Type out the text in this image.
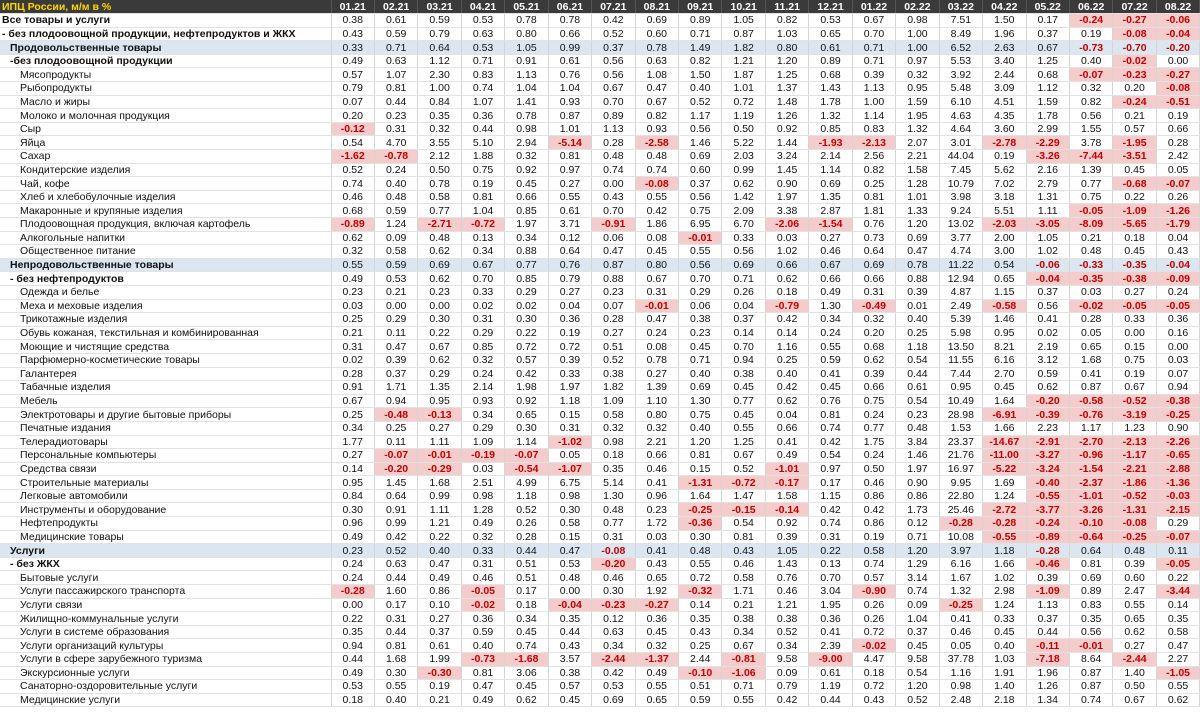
ИПЦ России, м/м в %	01.21	02.21	03.21	04.21	05.21	06.21	07.21	08.21	09.21	10.21	11.21	12.21	01.22	02.22	03.22	04.22	05.22	06.22	07.22	08.22
Все товары и услуги	0.38	0.61	0.59	0.53	0.78	0.78	0.42	0.69	0.89	1.05	0.82	0.53	0.67	0.98	7.51	1.50	0.17	-0.24	-0.27	-0.06
- без плодоовощной продукции, нефтепродуктов и ЖКХ	0.43	0.59	0.79	0.63	0.80	0.66	0.52	0.60	0.71	0.87	1.03	0.65	0.70	1.00	8.49	1.96	0.37	0.19	-0.08	-0.04
Продовольственные товары	0.33	0.71	0.64	0.53	1.05	0.99	0.37	0.78	1.49	1.82	0.80	0.61	0.71	1.00	6.52	2.63	0.67	-0.73	-0.70	-0.20
-без плодоовощной продукции	0.49	0.63	1.12	0.71	0.91	0.61	0.56	0.63	0.82	1.21	1.20	0.89	0.71	0.97	5.53	3.40	1.25	0.40	-0.02	0.00
Мясопродукты	0.57	1.07	2.30	0.83	1.13	0.76	0.56	1.08	1.50	1.87	1.25	0.68	0.39	0.32	3.92	2.44	0.68	-0.07	-0.23	-0.27
Рыбопродукты	0.79	0.81	1.00	0.74	1.04	1.04	0.67	0.47	0.40	1.01	1.37	1.43	1.13	0.95	5.48	3.09	1.12	0.32	0.20	-0.08
Масло и жиры	0.07	0.44	0.84	1.07	1.41	0.93	0.70	0.67	0.52	0.72	1.48	1.78	1.00	1.59	6.10	4.51	1.59	0.82	-0.24	-0.51
Молоко и молочная продукция	0.20	0.23	0.35	0.36	0.78	0.87	0.89	0.82	1.17	1.19	1.26	1.32	1.14	1.95	4.63	4.35	1.78	0.56	0.21	0.19
Сыр	-0.12	0.31	0.32	0.44	0.98	1.01	1.13	0.93	0.56	0.50	0.92	0.85	0.83	1.32	4.64	3.60	2.99	1.55	0.57	0.66
Яйца	0.54	4.70	3.55	5.10	2.94	-5.14	0.28	-2.58	1.46	5.22	1.44	-1.93	-2.13	2.07	3.01	-2.78	-2.29	3.78	-1.95	0.28
Сахар	-1.62	-0.78	2.12	1.88	0.32	0.81	0.48	0.48	0.69	2.03	3.24	2.14	2.56	2.21	44.04	0.19	-3.26	-7.44	-3.51	2.42
Кондитерские изделия	0.52	0.24	0.50	0.75	0.92	0.97	0.74	0.74	0.60	0.99	1.45	1.14	0.82	1.58	7.45	5.62	2.16	1.39	0.45	0.05
Чай, кофе	0.74	0.40	0.78	0.19	0.45	0.27	0.00	-0.08	0.37	0.62	0.90	0.69	0.25	1.28	10.79	7.02	2.79	0.77	-0.68	-0.07
Хлеб и хлебобулочные изделия	0.46	0.48	0.58	0.81	0.66	0.55	0.43	0.55	0.56	1.42	1.97	1.35	0.81	1.01	3.98	3.18	1.31	0.75	0.22	0.26
Макаронные и крупяные изделия	0.68	0.59	0.77	1.04	0.85	0.61	0.70	0.42	0.75	2.09	3.38	2.87	1.81	1.33	9.24	5.51	1.11	-0.05	-1.09	-1.26
Плодоовощная продукция, включая картофель	-0.89	1.24	-2.71	-0.72	1.97	3.71	-0.91	1.86	6.95	6.70	-2.06	-1.54	0.76	1.20	13.02	-2.03	-3.05	-8.09	-5.65	-1.79
Алкогольные напитки	0.62	0.09	0.48	0.13	0.34	0.12	0.06	0.08	-0.01	0.33	0.03	0.27	0.73	0.69	3.77	2.00	1.05	0.21	0.18	0.04
Общественное питание	0.32	0.58	0.62	0.34	0.88	0.64	0.47	0.45	0.55	0.56	1.02	0.46	0.64	0.47	4.74	3.00	1.02	0.48	0.45	0.43
Непродовольственные товары	0.55	0.59	0.69	0.67	0.77	0.76	0.87	0.80	0.56	0.69	0.66	0.67	0.69	0.78	11.22	0.54	-0.06	-0.33	-0.35	-0.04
- без нефтепродуктов	0.49	0.53	0.62	0.70	0.85	0.79	0.88	0.67	0.70	0.71	0.62	0.66	0.66	0.88	12.94	0.65	-0.04	-0.35	-0.38	-0.09
Одежда и белье	0.23	0.21	0.23	0.33	0.29	0.27	0.23	0.31	0.29	0.26	0.18	0.49	0.31	0.39	4.87	1.15	0.37	0.03	0.27	0.24
Меха и меховые изделия	0.03	0.00	0.00	0.02	0.02	0.04	0.07	-0.01	0.06	0.04	-0.79	1.30	-0.49	0.01	2.49	-0.58	0.56	-0.02	-0.05	-0.05
Трикотажные изделия	0.25	0.29	0.30	0.31	0.30	0.36	0.28	0.47	0.38	0.37	0.42	0.34	0.32	0.40	5.39	1.46	0.41	0.28	0.33	0.36
Обувь кожаная, текстильная и комбинированная	0.21	0.11	0.22	0.29	0.22	0.19	0.27	0.24	0.23	0.14	0.14	0.24	0.20	0.25	5.98	0.95	0.02	0.05	0.00	0.16
Моющие и чистящие средства	0.31	0.47	0.67	0.85	0.72	0.72	0.51	0.08	0.45	0.70	1.16	0.55	0.68	1.18	13.50	8.21	2.19	0.65	0.15	0.00
Парфюмерно-косметические товары	0.02	0.39	0.62	0.32	0.57	0.39	0.52	0.78	0.71	0.94	0.25	0.59	0.62	0.54	11.55	6.16	3.12	1.68	0.75	0.03
Галантерея	0.28	0.37	0.29	0.24	0.42	0.33	0.38	0.27	0.40	0.38	0.40	0.41	0.39	0.44	7.44	2.70	0.59	0.41	0.19	0.07
Табачные изделия	0.91	1.71	1.35	2.14	1.98	1.97	1.82	1.39	0.69	0.45	0.42	0.45	0.66	0.61	0.95	0.45	0.62	0.87	0.67	0.94
Мебель	0.67	0.94	0.95	0.93	0.92	1.18	1.09	1.10	1.30	0.77	0.62	0.76	0.75	0.54	10.49	1.64	-0.20	-0.58	-0.52	-0.38
Электротовары и другие бытовые приборы	0.25	-0.48	-0.13	0.34	0.65	0.15	0.58	0.80	0.75	0.45	0.04	0.81	0.24	0.23	28.98	-6.91	-0.39	-0.76	-3.19	-0.25
Печатные издания	0.34	0.25	0.27	0.29	0.30	0.31	0.32	0.32	0.40	0.55	0.66	0.74	0.77	0.48	1.53	1.66	2.23	1.17	1.23	0.90
Телерадиотовары	1.77	0.11	1.11	1.09	1.14	-1.02	0.98	2.21	1.20	1.25	0.41	0.42	1.75	3.84	23.37	-14.67	-2.91	-2.70	-2.13	-2.26
Персональные компьютеры	0.27	-0.07	-0.01	-0.19	-0.07	0.05	0.18	0.66	0.81	0.67	0.49	0.54	0.24	1.46	21.76	-11.00	-3.27	-0.96	-1.17	-0.65
Средства связи	0.14	-0.20	-0.29	0.03	-0.54	-1.07	0.35	0.46	0.15	0.52	-1.01	0.97	0.50	1.97	16.97	-5.22	-3.24	-1.54	-2.21	-2.88
Строительные материалы	0.95	1.45	1.68	2.51	4.99	6.75	5.14	0.41	-1.31	-0.72	-0.17	0.17	0.46	0.90	9.95	1.69	-0.40	-2.37	-1.86	-1.36
Легковые автомобили	0.84	0.64	0.99	0.98	1.18	0.98	1.30	0.96	1.64	1.47	1.58	1.15	0.86	0.86	22.80	1.24	-0.55	-1.01	-0.52	-0.03
Инструменты и оборудование	0.30	0.91	1.11	1.28	0.52	0.30	0.48	0.23	-0.25	-0.15	-0.14	0.42	0.42	1.73	25.46	-2.72	-3.77	-3.26	-1.31	-2.15
Нефтепродукты	0.96	0.99	1.21	0.49	0.26	0.58	0.77	1.72	-0.36	0.54	0.92	0.74	0.86	0.12	-0.28	-0.28	-0.24	-0.10	-0.08	0.29
Медицинские товары	0.49	0.42	0.22	0.32	0.28	0.15	0.31	0.03	0.30	0.81	0.39	0.31	0.19	0.71	10.08	-0.55	-0.89	-0.64	-0.25	-0.07
Услуги	0.23	0.52	0.40	0.33	0.44	0.47	-0.08	0.41	0.48	0.43	1.05	0.22	0.58	1.20	3.97	1.18	-0.28	0.64	0.48	0.11
- без ЖКХ	0.24	0.63	0.47	0.31	0.51	0.53	-0.20	0.43	0.55	0.46	1.43	0.13	0.74	1.29	6.16	1.66	-0.46	0.81	0.39	-0.05
Бытовые услуги	0.24	0.44	0.49	0.46	0.51	0.48	0.46	0.65	0.72	0.58	0.76	0.70	0.57	3.14	1.67	1.02	0.39	0.69	0.60	0.22
Услуги пассажирского транспорта	-0.28	1.60	0.86	-0.05	0.17	0.00	0.30	1.92	-0.32	1.71	0.46	3.04	-0.90	0.74	1.32	2.98	-1.09	0.89	2.47	-3.44
Услуги связи	0.00	0.17	0.10	-0.02	0.18	-0.04	-0.23	-0.27	0.14	0.21	1.21	1.95	0.26	0.09	-0.25	1.24	1.13	0.83	0.55	0.14
Жилищно-коммунальные услуги	0.22	0.31	0.27	0.36	0.34	0.35	0.12	0.36	0.35	0.38	0.38	0.36	0.26	1.04	0.41	0.33	0.37	0.35	0.65	0.35
Услуги в системе образования	0.35	0.44	0.37	0.59	0.45	0.44	0.63	0.45	0.43	0.34	0.52	0.41	0.72	0.37	0.46	0.45	0.44	0.56	0.62	0.58
Услуги организаций культуры	0.94	0.81	0.61	0.40	0.74	0.43	0.34	0.32	0.25	0.67	0.34	2.39	-0.02	0.45	0.05	0.40	-0.11	-0.01	0.27	0.47
Услуги в сфере зарубежного туризма	0.44	1.68	1.99	-0.73	-1.68	3.57	-2.44	-1.37	2.44	-0.81	9.58	-9.00	4.47	9.58	37.78	1.03	-7.18	8.64	-2.44	2.27
Экскурсионные услуги	0.49	0.30	-0.30	0.81	3.06	0.38	0.42	0.49	-0.10	-1.06	0.09	0.61	0.18	0.54	1.16	1.91	1.96	0.87	1.40	-1.05
Санаторно-оздоровительные услуги	0.53	0.55	0.19	0.47	0.45	0.57	0.53	0.55	0.51	0.71	0.79	1.19	0.72	1.20	0.98	1.40	1.26	0.87	0.50	0.55
Медицинские услуги	0.18	0.40	0.21	0.49	0.62	0.45	0.69	0.65	0.59	0.55	0.42	0.44	0.43	0.52	2.48	2.18	1.34	0.74	0.67	0.62
